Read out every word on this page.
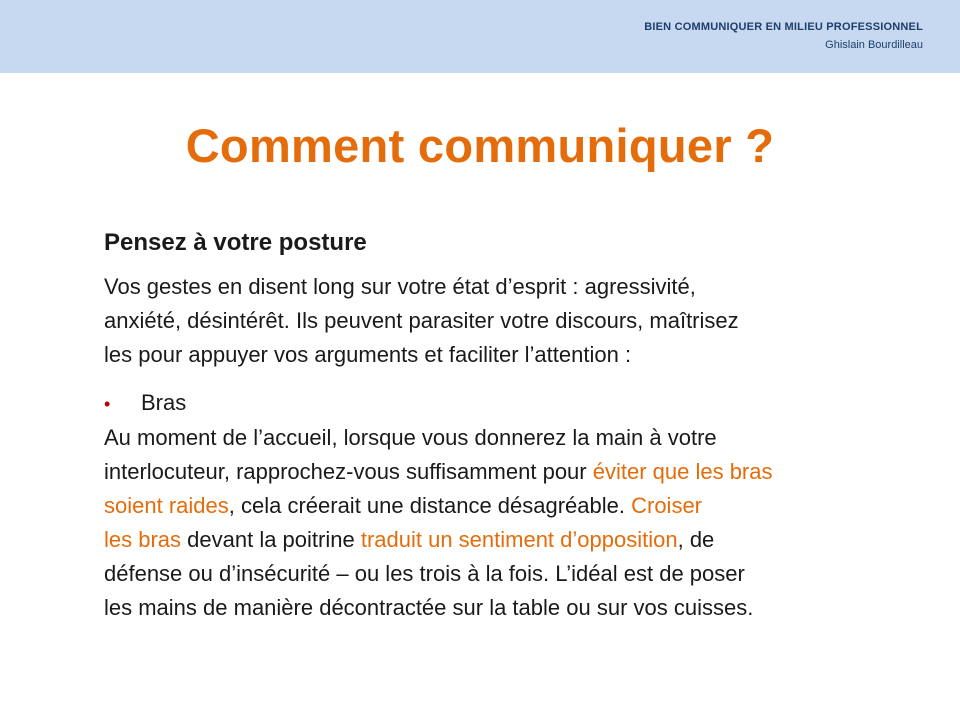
BIEN COMMUNIQUER EN MILIEU PROFESSIONNEL
Ghislain Bourdilleau
Comment communiquer ?
Pensez à votre posture
Vos gestes en disent long sur votre état d’esprit : agressivité,
anxiété, désintérêt. Ils peuvent parasiter votre discours, maîtrisez
les pour appuyer vos arguments et faciliter l’attention :
•	Bras
Au moment de l’accueil, lorsque vous donnerez la main à votre
interlocuteur, rapprochez-vous suffisamment pour éviter que les bras
soient raides, cela créerait une distance désagréable. Croiser
les bras devant la poitrine traduit un sentiment d’opposition, de
défense ou d’insécurité – ou les trois à la fois. L’idéal est de poser
les mains de manière décontractée sur la table ou sur vos cuisses.
